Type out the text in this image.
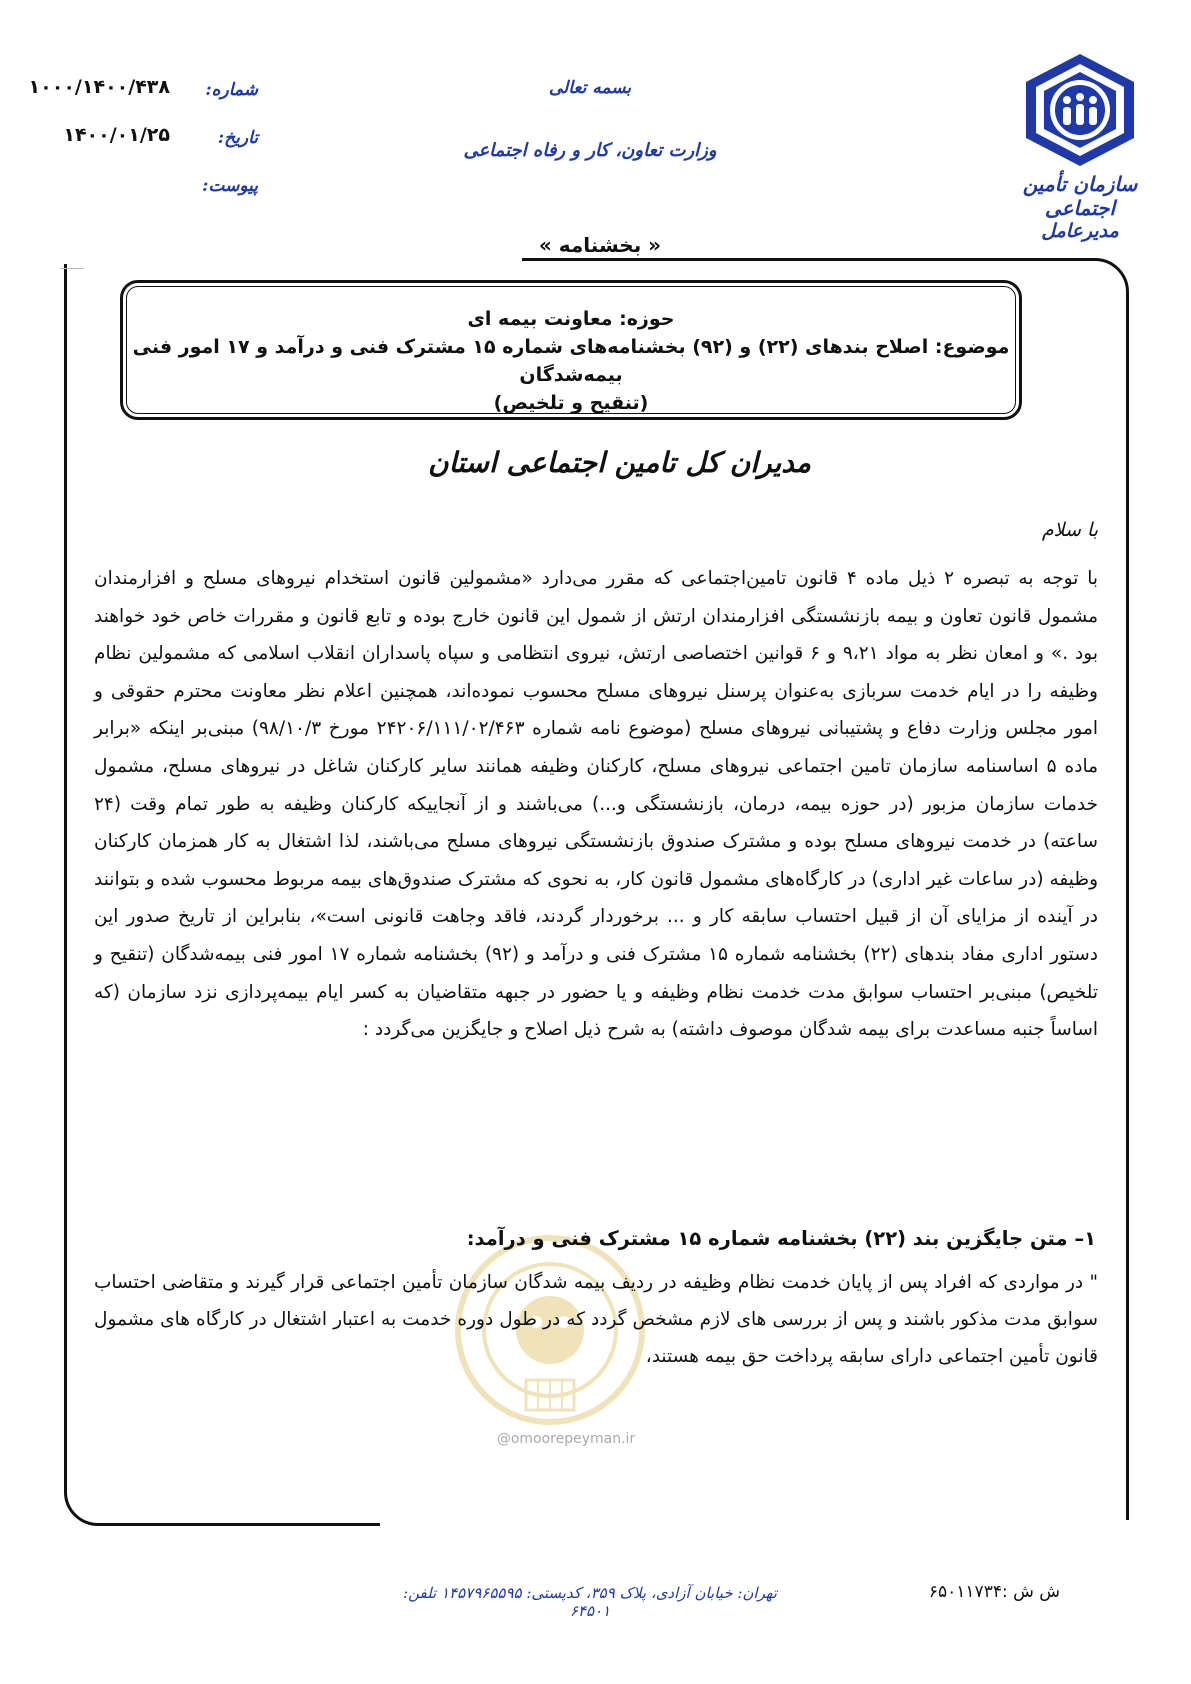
سازمان تأمین اجتماعی
مدیرعامل
بسمه تعالی
وزارت تعاون، کار و رفاه اجتماعی
شماره:
۱۰۰۰/۱۴۰۰/۴۳۸
تاریخ:
۱۴۰۰/۰۱/۲۵
پیوست:
« بخشنامه »
حوزه: معاونت بیمه ای
موضوع: اصلاح بندهای (۲۲) و (۹۲) بخشنامه‌های شماره ۱۵ مشترک فنی و درآمد و ۱۷ امور فنی بیمه‌شدگان
(تنقیح و تلخیص)
مدیران کل تامین اجتماعی استان
با سلام
با توجه به تبصره ۲ ذیل ماده ۴ قانون تامین‌اجتماعی که مقرر می‌دارد «مشمولین قانون استخدام نیروهای مسلح و افزارمندان مشمول قانون تعاون و بیمه بازنشستگی افزارمندان ارتش از شمول این قانون خارج بوده و تابع قانون و مقررات خاص خود خواهند بود .» و امعان نظر به مواد ۹،۲۱ و ۶ قوانین اختصاصی ارتش، نیروی انتظامی و سپاه پاسداران انقلاب اسلامی که مشمولین نظام وظیفه را در ایام خدمت سربازی به‌عنوان پرسنل نیروهای مسلح محسوب نموده‌اند، همچنین اعلام نظر معاونت محترم حقوقی و امور مجلس وزارت دفاع و پشتیبانی نیروهای مسلح (موضوع نامه شماره ۲۴۲۰۶/۱۱۱/۰۲/۴۶۳ مورخ ۹۸/۱۰/۳) مبنی‌بر اینکه «برابر ماده ۵ اساسنامه سازمان تامین اجتماعی نیروهای مسلح، کارکنان وظیفه همانند سایر کارکنان شاغل در نیروهای مسلح، مشمول خدمات سازمان مزبور (در حوزه بیمه، درمان، بازنشستگی و...) می‌باشند و از آنجاییکه کارکنان وظیفه به طور تمام وقت (۲۴ ساعته) در خدمت نیروهای مسلح بوده و مشترک صندوق بازنشستگی نیروهای مسلح می‌باشند، لذا اشتغال به کار همزمان کارکنان وظیفه (در ساعات غیر اداری) در کارگاه‌های مشمول قانون کار، به نحوی که مشترک صندوق‌های بیمه مربوط محسوب شده و بتوانند در آینده از مزایای آن از قبیل احتساب سابقه کار و ... برخوردار گردند، فاقد وجاهت قانونی است»، بنابراین از تاریخ صدور این دستور اداری مفاد بندهای (۲۲) بخشنامه شماره ۱۵ مشترک فنی و درآمد و (۹۲) بخشنامه شماره ۱۷ امور فنی بیمه‌شدگان (تنقیح و تلخیص) مبنی‌بر احتساب سوابق مدت خدمت نظام وظیفه و یا حضور در جبهه متقاضیان به کسر ایام بیمه‌پردازی نزد سازمان (که اساساً جنبه مساعدت برای بیمه شدگان موصوف داشته) به شرح ذیل اصلاح و جایگزین می‌گردد :
۱– متن جایگزین بند (۲۲) بخشنامه شماره ۱۵ مشترک فنی و درآمد:
" در مواردی که افراد پس از پایان خدمت نظام وظیفه در ردیف بیمه شدگان سازمان تأمین اجتماعی قرار گیرند و متقاضی احتساب سوابق مدت مذکور باشند و پس از بررسی های لازم مشخص گردد که در طول دوره خدمت به اعتبار اشتغال در کارگاه های مشمول قانون تأمین اجتماعی دارای سابقه پرداخت حق بیمه هستند،
@omoorepeyman.ir
تهران: خیابان آزادی، پلاک ۳۵۹، کدپستی: ۱۴۵۷۹۶۵۵۹۵ تلفن: ۶۴۵۰۱
ش ش :۶۵۰۱۱۷۳۴
